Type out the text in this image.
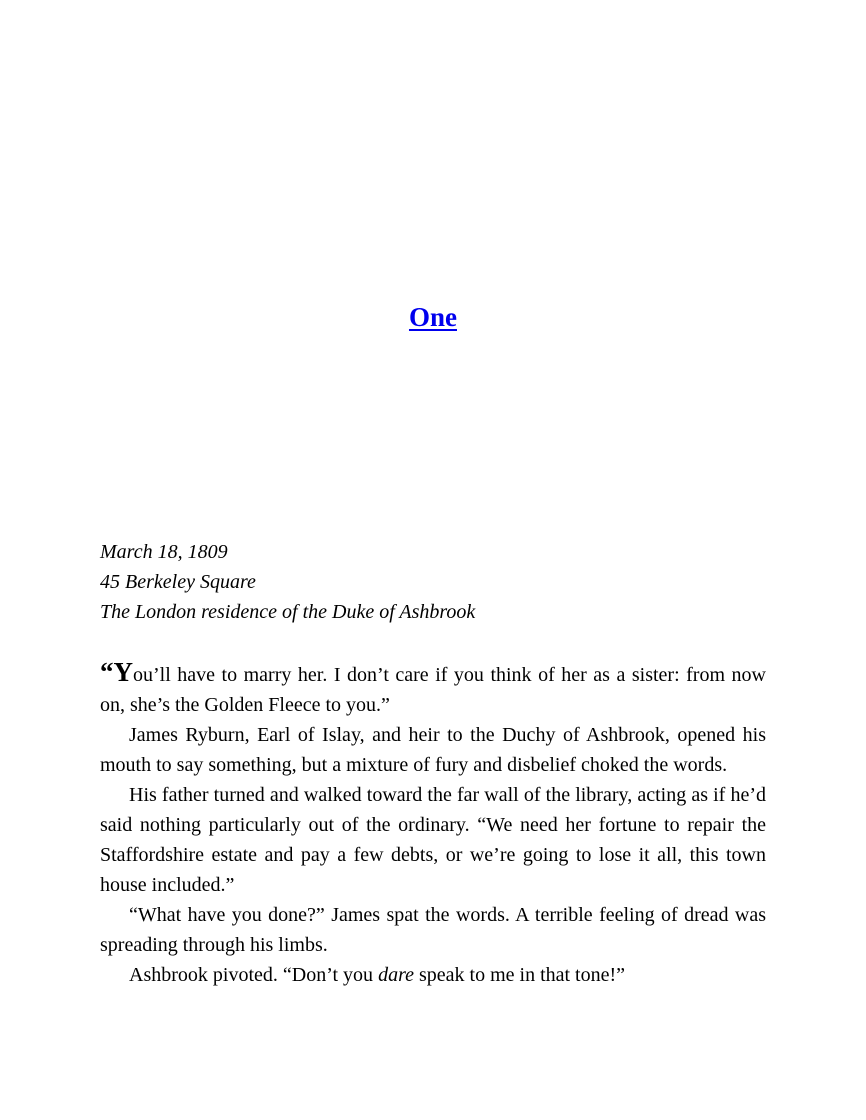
One
March 18, 1809
45 Berkeley Square
The London residence of the Duke of Ashbrook

“You’ll have to marry her. I don’t care if you think of her as a sister: from now on, she’s the Golden Fleece to you.”

James Ryburn, Earl of Islay, and heir to the Duchy of Ashbrook, opened his mouth to say something, but a mixture of fury and disbelief choked the words.

His father turned and walked toward the far wall of the library, acting as if he’d said nothing particularly out of the ordinary. “We need her fortune to repair the Staffordshire estate and pay a few debts, or we’re going to lose it all, this town house included.”

“What have you done?” James spat the words. A terrible feeling of dread was spreading through his limbs.

Ashbrook pivoted. “Don’t you dare speak to me in that tone!”
